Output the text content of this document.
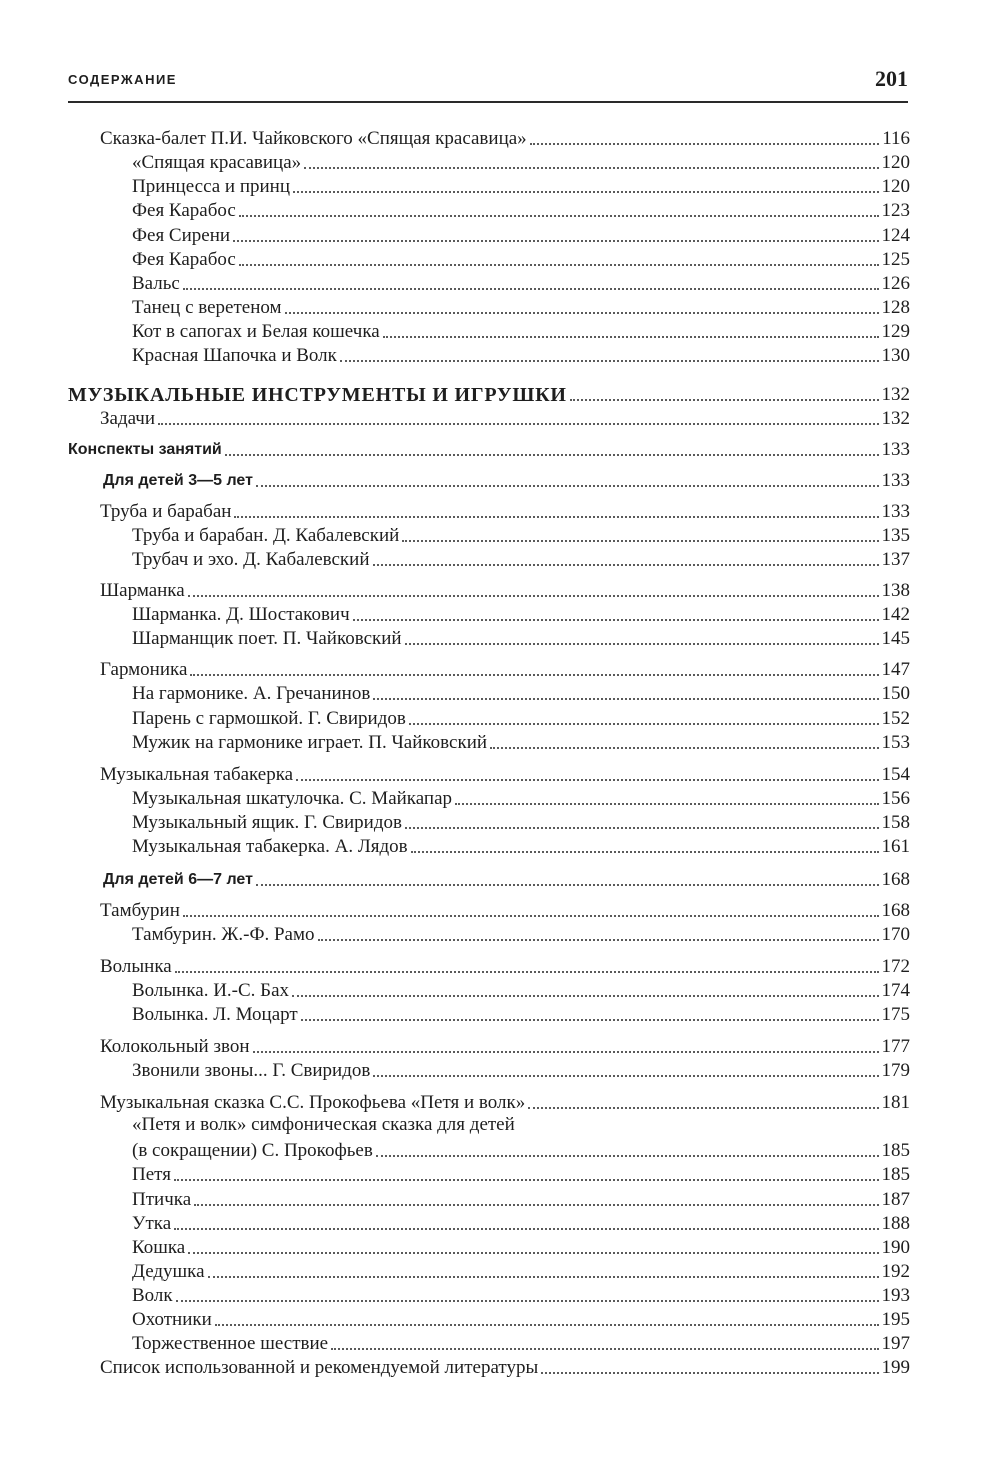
СОДЕРЖАНИЕ	201
Сказка-балет П.И. Чайковского «Спящая красавица»	116
«Спящая красавица»	120
Принцесса и принц	120
Фея Карабос	123
Фея Сирени	124
Фея Карабос	125
Вальс	126
Танец с веретеном	128
Кот в сапогах и Белая кошечка	129
Красная Шапочка и Волк	130
МУЗЫКАЛЬНЫЕ ИНСТРУМЕНТЫ И ИГРУШКИ	132
Задачи	132
Конспекты занятий	133
Для детей 3—5 лет	133
Труба и барабан	133
Труба и барабан. Д. Кабалевский	135
Трубач и эхо. Д. Кабалевский	137
Шарманка	138
Шарманка. Д. Шостакович	142
Шарманщик поет. П. Чайковский	145
Гармоника	147
На гармонике. А. Гречанинов	150
Парень с гармошкой. Г. Свиридов	152
Мужик на гармонике играет. П. Чайковский	153
Музыкальная табакерка	154
Музыкальная шкатулочка. С. Майкапар	156
Музыкальный ящик. Г. Свиридов	158
Музыкальная табакерка. А. Лядов	161
Для детей 6—7 лет	168
Тамбурин	168
Тамбурин. Ж.-Ф. Рамо	170
Волынка	172
Волынка. И.-С. Бах	174
Волынка. Л. Моцарт	175
Колокольный звон	177
Звонили звоны... Г. Свиридов	179
Музыкальная сказка С.С. Прокофьева «Петя и волк»	181
«Петя и волк» симфоническая сказка для детей
(в сокращении) С. Прокофьев	185
Петя	185
Птичка	187
Утка	188
Кошка	190
Дедушка	192
Волк	193
Охотники	195
Торжественное шествие	197
Список использованной и рекомендуемой литературы	199
